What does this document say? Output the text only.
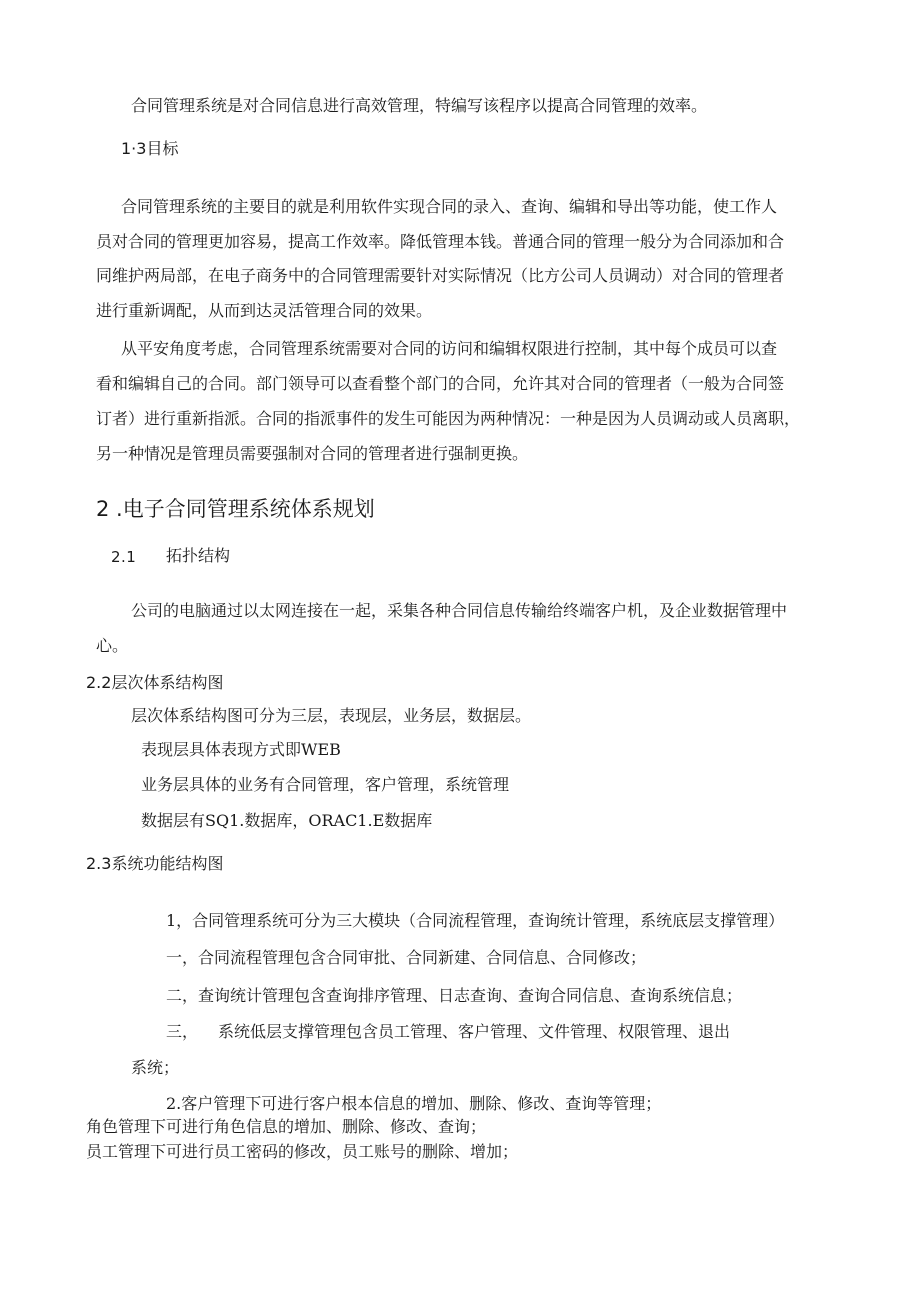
合同管理系统是对合同信息进行高效管理，特编写该程序以提高合同管理的效率。

1·3目标

合同管理系统的主要目的就是利用软件实现合同的录入、查询、编辑和导出等功能，使工作人

员对合同的管理更加容易，提高工作效率。降低管理本钱。普通合同的管理一般分为合同添加和合

同维护两局部，在电子商务中的合同管理需要针对实际情况（比方公司人员调动）对合同的管理者

进行重新调配，从而到达灵活管理合同的效果。

从平安角度考虑，合同管理系统需要对合同的访问和编辑权限进行控制，其中每个成员可以查

看和编辑自己的合同。部门领导可以查看整个部门的合同，允许其对合同的管理者（一般为合同签

订者）进行重新指派。合同的指派事件的发生可能因为两种情况：一种是因为人员调动或人员离职，

另一种情况是管理员需要强制对合同的管理者进行强制更换。

2 .电子合同管理系统体系规划

2.1 拓扑结构

公司的电脑通过以太网连接在一起，采集各种合同信息传输给终端客户机，及企业数据管理中

心。

2.2层次体系结构图

层次体系结构图可分为三层，表现层，业务层，数据层。

表现层具体表现方式即WEB

业务层具体的业务有合同管理，客户管理，系统管理

数据层有SQ1.数据库，ORAC1.E数据库

2.3系统功能结构图

1，合同管理系统可分为三大模块（合同流程管理，查询统计管理，系统底层支撑管理）

一，合同流程管理包含合同审批、合同新建、合同信息、合同修改；

二，查询统计管理包含查询排序管理、日志查询、查询合同信息、查询系统信息；

三， 系统低层支撑管理包含员工管理、客户管理、文件管理、权限管理、退出

系统；

2.客户管理下可进行客户根本信息的增加、删除、修改、查询等管理；

角色管理下可进行角色信息的增加、删除、修改、查询；

员工管理下可进行员工密码的修改，员工账号的删除、增加；
